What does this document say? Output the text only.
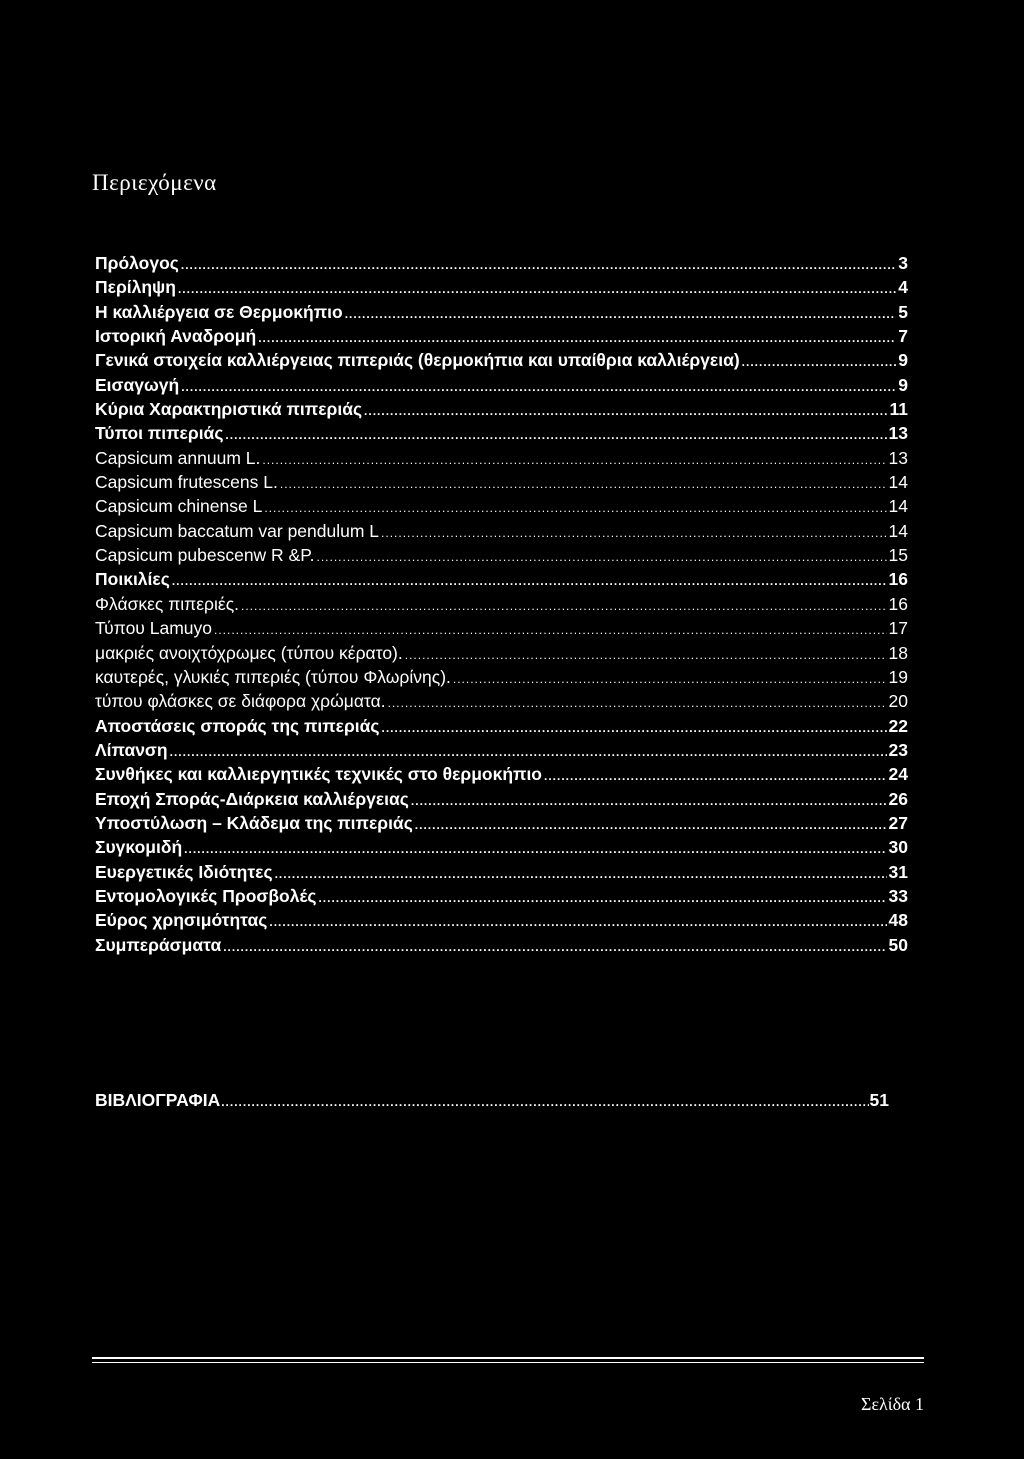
Περιεχόμενα
Πρόλογος .....	3
Περίληψη .....	4
Η καλλιέργεια σε Θερμοκήπιο .....	5
Ιστορική Αναδρομή .....	7
Γενικά στοιχεία καλλιέργειας πιπεριάς (θερμοκήπια και υπαίθρια καλλιέργεια) .....	9
Εισαγωγή .....	9
Κύρια Χαρακτηριστικά πιπεριάς .....	11
Τύποι πιπεριάς .....	13
Capsicum annuum L. .....	13
Capsicum frutescens L. .....	14
Capsicum chinense L .....	14
Capsicum baccatum var pendulum L .....	14
Capsicum pubescenw R &P. .....	15
Ποικιλίες .....	16
Φλάσκες πιπεριές. .....	16
Τύπου Lamuyo .....	17
μακριές ανοιχτόχρωμες (τύπου κέρατο). .....	18
καυτερές, γλυκιές πιπεριές (τύπου Φλωρίνης). .....	19
τύπου φλάσκες σε διάφορα χρώματα. .....	20
Αποστάσεις σποράς της πιπεριάς .....	22
Λίπανση .....	23
Συνθήκες και καλλιεργητικές τεχνικές στο θερμοκήπιο .....	24
Εποχή Σποράς-Διάρκεια καλλιέργειας .....	26
Υποστύλωση – Κλάδεμα της πιπεριάς .....	27
Συγκομιδή .....	30
Ευεργετικές Ιδιότητες .....	31
Εντομολογικές Προσβολές .....	33
Εύρος χρησιμότητας .....	48
Συμπεράσματα .....	50
ΒΙΒΛΙΟΓΡΑΦΙΑ .....	51
Σελίδα 1
